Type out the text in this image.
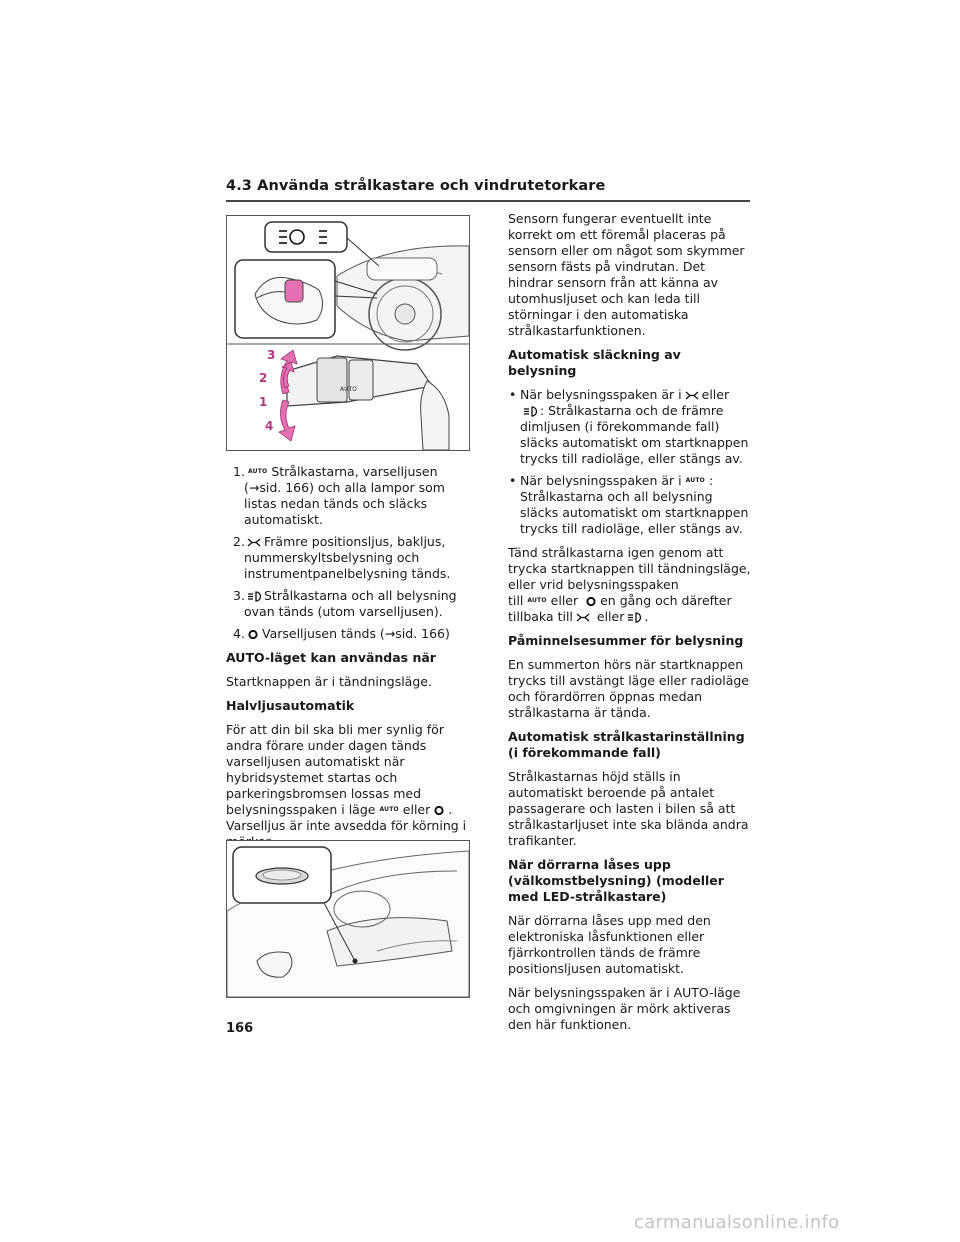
4.3 Använda strålkastare och vindrutetorkare
AUTO
3
2
1
4
1. $^{AUTO}$ Strålkastarna, varselljusen (→sid. 166) och alla lampor som listas nedan tänds och släcks automatiskt.
2. Främre positionsljus, bakljus, nummerskyltsbelysning och instrumentpanelbelysning tänds.
3. Strålkastarna och all belysning ovan tänds (utom varselljusen).
4. Varselljusen tänds (→sid. 166)
AUTO-läget kan användas när

Startknappen är i tändningsläge.

Halvljusautomatik

För att din bil ska bli mer synlig för andra förare under dagen tänds varselljusen automatiskt när hybridsystemet startas och parkeringsbromsen lossas med belysningsspaken i läge $^{AUTO}$ eller . Varselljus är inte avsedda för körning i

Sensorn fungerar eventuellt inte korrekt om ett föremål placeras på sensorn eller om något som skymmer sensorn fästs på vindrutan. Det hindrar sensorn från att känna av utomhusljuset och kan leda till störningar i den automatiska strålkastarfunktionen.

Automatisk släckning av belysning
• När belysningsspaken är i eller : Strålkastarna och de främre dimljusen (i förekommande fall) släcks automatiskt om startknappen trycks till radioläge, eller stängs av.
• När belysningsspaken är i $^{AUTO}$ : Strålkastarna och all belysning släcks automatiskt om startknappen trycks till radioläge, eller stängs av.

Tänd strålkastarna igen genom att trycka startknappen till tändningsläge, eller vrid belysningsspaken till $^{AUTO}$ eller en gång och därefter tillbaka till eller .

Påminnelsesummer för belysning

En summerton hörs när startknappen trycks till avstängt läge eller radioläge och förardörren öppnas medan strålkastarna är tända.

Automatisk strålkastarinställning (i förekommande fall)

Strålkastarnas höjd ställs in automatiskt beroende på antalet passagerare och lasten i bilen så att strålkastarljuset inte ska blända andra trafikanter.

När dörrarna låses upp (välkomstbelysning) (modeller med LED-strålkastare)

När dörrarna låses upp med den elektroniska låsfunktionen eller fjärrkontrollen tänds de främre positionsljusen automatiskt.

När belysningsspaken är i AUTO-läge och omgivningen är mörk aktiveras den här funktionen.

166
carmanualsonline.info
